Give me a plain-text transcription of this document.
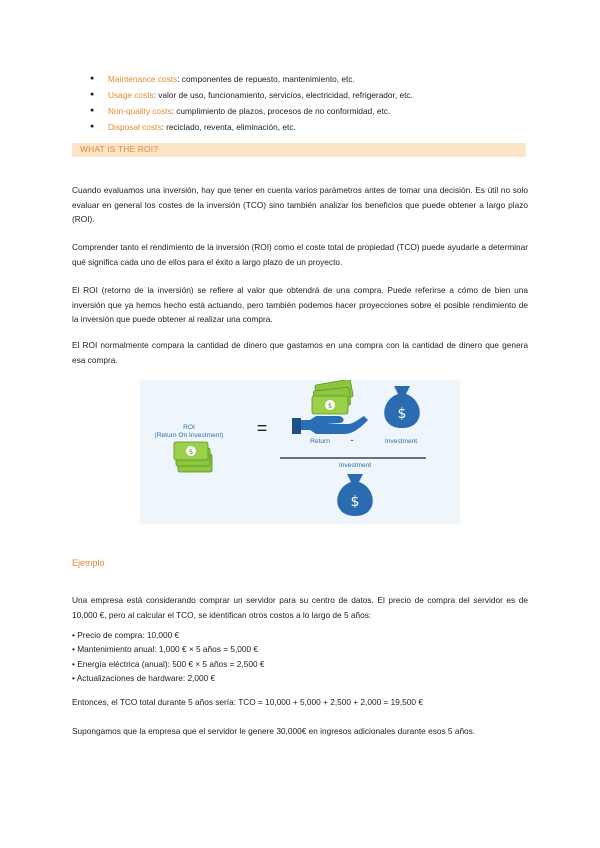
● Maintenance costs: componentes de repuesto, mantenimiento, etc.
● Usage costs: valor de uso, funcionamiento, servicios, electricidad, refrigerador, etc.
● Non-quality costs: cumplimiento de plazos, procesos de no conformidad, etc.
● Disposal costs: reciclado, reventa, eliminación, etc.
WHAT IS THE ROI?

Cuando evaluamos una inversión, hay que tener en cuenta varios parámetros antes de tomar una decisión. Es útil no solo evaluar en general los costes de la inversión (TCO) sino también analizar los beneficios que puede obtener a largo plazo (ROI).

Comprender tanto el rendimiento de la inversión (ROI) como el coste total de propiedad (TCO) puede ayudarle a determinar qué significa cada uno de ellos para el éxito a largo plazo de un proyecto.

El ROI (retorno de la inversión) se refiere al valor que obtendrá de una compra. Puede referirse a cómo de bien una inversión que ya hemos hecho está actuando, pero también podemos hacer proyecciones sobre el posible rendimiento de la inversión que puede obtener al realizar una compra.

El ROI normalmente compara la cantidad de dinero que gastamos en una compra con la cantidad de dinero que genera esa compra.

$
$	$
$
ROI
(Return On Investment)	=
Return	-	Investment
Investment
Ejemplo

Una empresa está considerando comprar un servidor para su centro de datos. El precio de compra del servidor es de 10,000 €, pero al calcular el TCO, se identifican otros costos a lo largo de 5 años:

• Precio de compra: 10,000 €
• Mantenimiento anual: 1,000 € × 5 años = 5,000 €
• Energía eléctrica (anual): 500 € × 5 años = 2,500 €
• Actualizaciones de hardware: 2,000 €
Entonces, el TCO total durante 5 años sería: TCO = 10,000 + 5,000 + 2,500 + 2,000 = 19,500 €
Supongamos que la empresa que el servidor le genere 30,000€ en ingresos adicionales durante esos 5 años.
